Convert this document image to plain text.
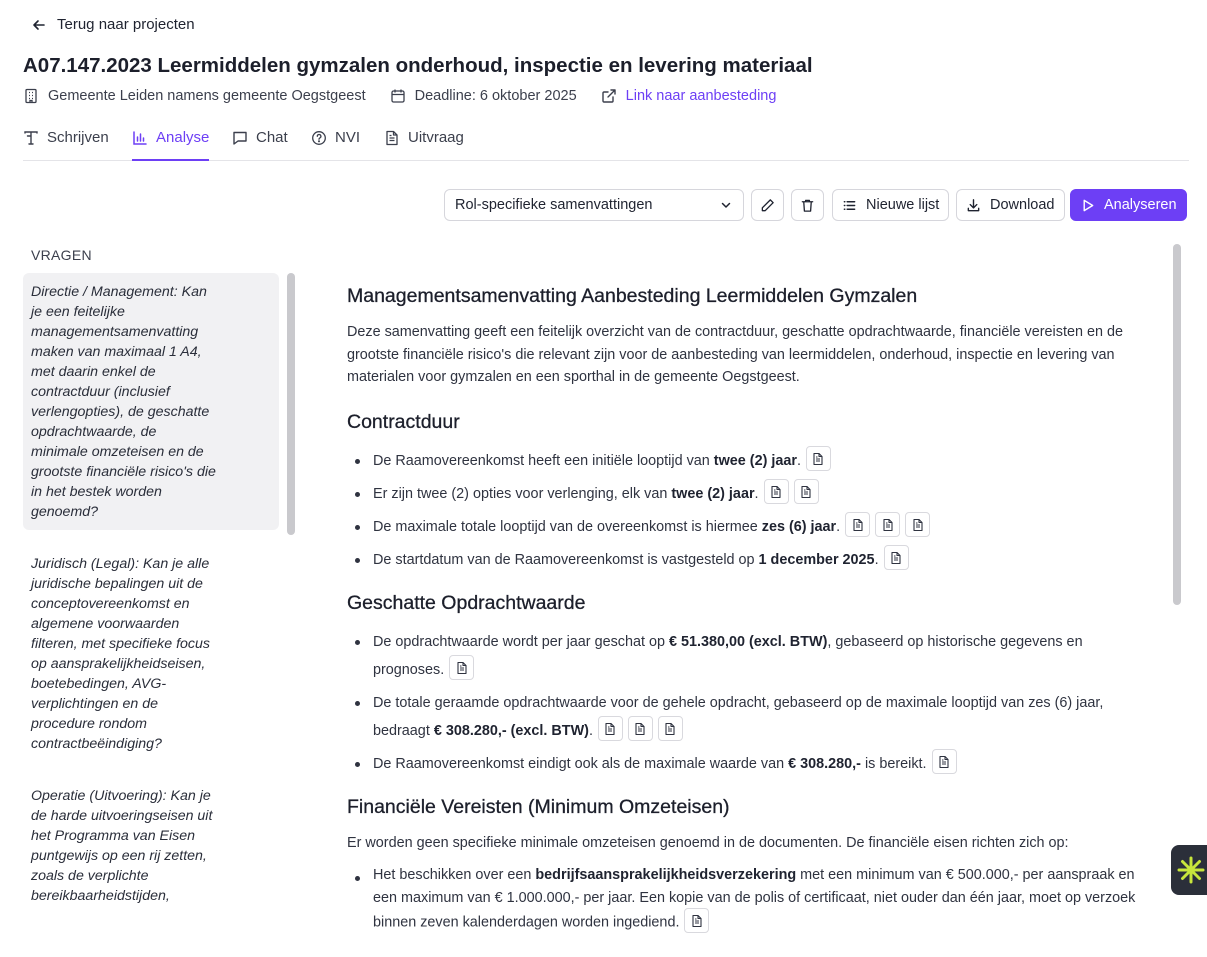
Terug naar projecten
A07.147.2023 Leermiddelen gymzalen onderhoud, inspectie en levering materiaal
Gemeente Leiden namens gemeente Oegstgeest	Deadline: 6 oktober 2025	Link naar aanbesteding
Schrijven	Analyse	Chat	NVI	Uitvraag
Rol-specifieke samenvattingen	Nieuwe lijst	Download	Analyseren
VRAGEN
Directie / Management: Kan je een feitelijke managementsamenvatting maken van maximaal 1 A4, met daarin enkel de contractduur (inclusief verlengopties), de geschatte opdrachtwaarde, de minimale omzeteisen en de grootste financiële risico's die in het bestek worden genoemd?
Juridisch (Legal): Kan je alle juridische bepalingen uit de conceptovereenkomst en algemene voorwaarden filteren, met specifieke focus op aansprakelijkheidseisen, boetebedingen, AVG-verplichtingen en de procedure rondom contractbeëindiging?
Operatie (Uitvoering): Kan je de harde uitvoeringseisen uit het Programma van Eisen puntgewijs op een rij zetten, zoals de verplichte bereikbaarheidstijden,
Managementsamenvatting Aanbesteding Leermiddelen Gymzalen

Deze samenvatting geeft een feitelijk overzicht van de contractduur, geschatte opdrachtwaarde, financiële vereisten en de grootste financiële risico's die relevant zijn voor de aanbesteding van leermiddelen, onderhoud, inspectie en levering van materialen voor gymzalen en een sporthal in de gemeente Oegstgeest.

Contractduur
De Raamovereenkomst heeft een initiële looptijd van twee (2) jaar.
Er zijn twee (2) opties voor verlenging, elk van twee (2) jaar.
De maximale totale looptijd van de overeenkomst is hiermee zes (6) jaar.
De startdatum van de Raamovereenkomst is vastgesteld op 1 december 2025.
Geschatte Opdrachtwaarde
De opdrachtwaarde wordt per jaar geschat op € 51.380,00 (excl. BTW), gebaseerd op historische gegevens en prognoses.
De totale geraamde opdrachtwaarde voor de gehele opdracht, gebaseerd op de maximale looptijd van zes (6) jaar, bedraagt € 308.280,- (excl. BTW).
De Raamovereenkomst eindigt ook als de maximale waarde van € 308.280,- is bereikt.
Financiële Vereisten (Minimum Omzeteisen)

Er worden geen specifieke minimale omzeteisen genoemd in de documenten. De financiële eisen richten zich op:

Het beschikken over een bedrijfsaansprakelijkheidsverzekering met een minimum van € 500.000,- per aanspraak en een maximum van € 1.000.000,- per jaar. Een kopie van de polis of certificaat, niet ouder dan één jaar, moet op verzoek binnen zeven kalenderdagen worden ingediend.
